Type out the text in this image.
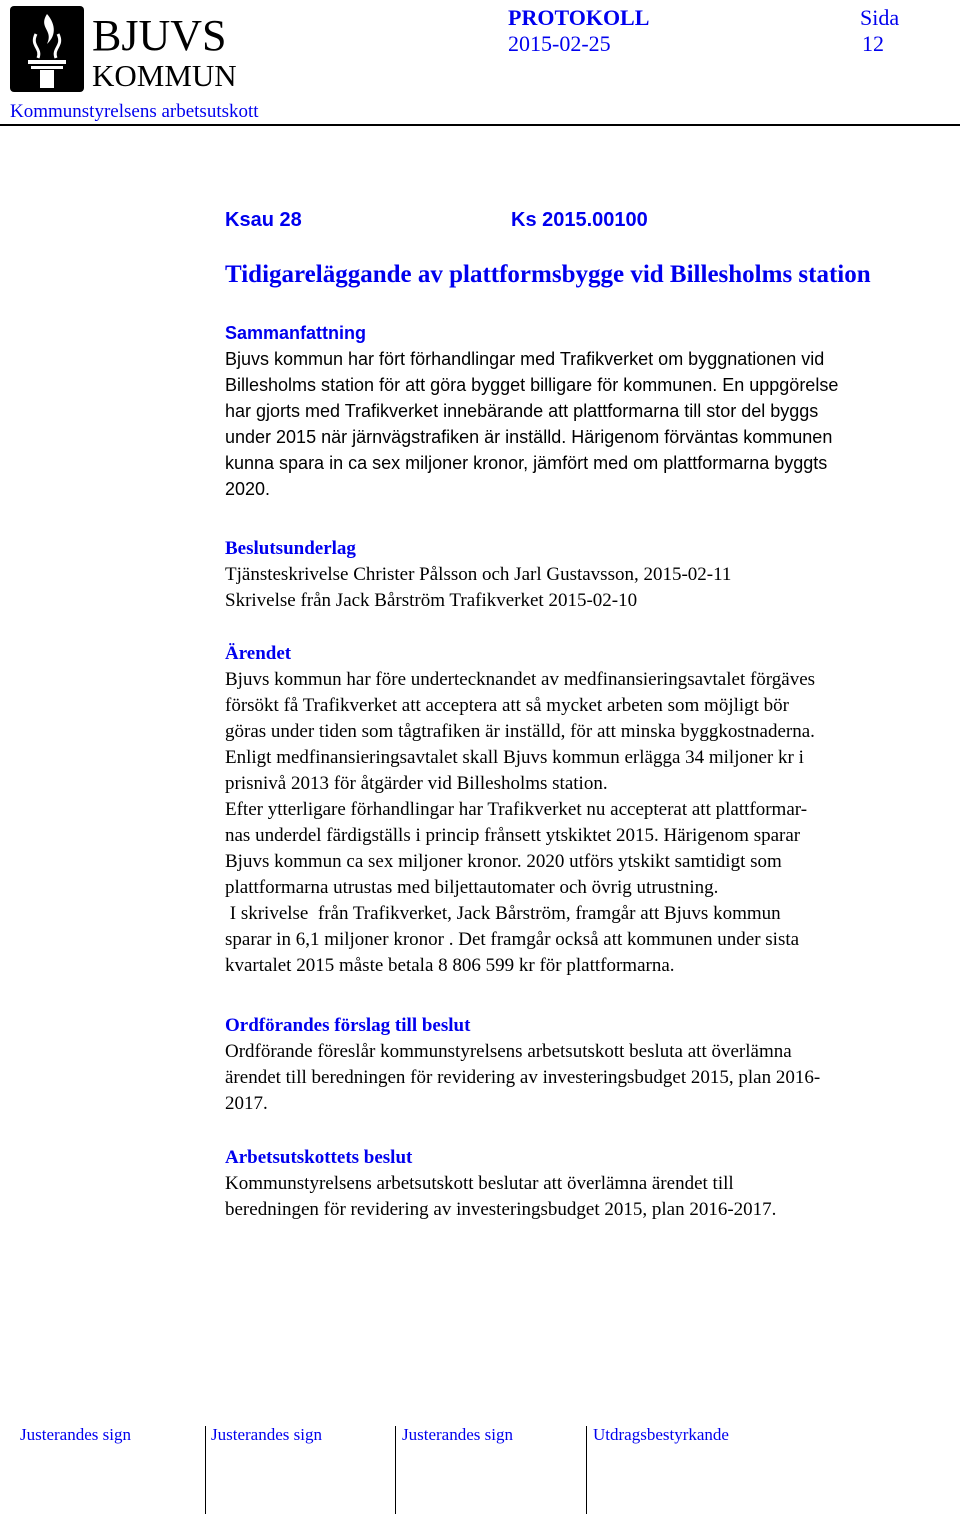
BJUVS
KOMMUN
PROTOKOLL
2015-02-25
Sida
12
Kommunstyrelsens arbetsutskott
Ksau 28	Ks 2015.00100
Tidigareläggande av plattformsbygge vid Billesholms station

Sammanfattning

Bjuvs kommun har fört förhandlingar med Trafikverket om byggnationen vid

Billesholms station för att göra bygget billigare för kommunen. En uppgörelse

har gjorts med Trafikverket innebärande att plattformarna till stor del byggs

under 2015 när järnvägstrafiken är inställd. Härigenom förväntas kommunen

kunna spara in ca sex miljoner kronor, jämfört med om plattformarna byggts

2020.

Beslutsunderlag

Tjänsteskrivelse Christer Pålsson och Jarl Gustavsson, 2015-02-11

Skrivelse från Jack Bårström Trafikverket 2015-02-10

Ärendet

Bjuvs kommun har före undertecknandet av medfinansieringsavtalet förgäves

försökt få Trafikverket att acceptera att så mycket arbeten som möjligt bör

göras under tiden som tågtrafiken är inställd, för att minska byggkostnaderna.

Enligt medfinansieringsavtalet skall Bjuvs kommun erlägga 34 miljoner kr i

prisnivå 2013 för åtgärder vid Billesholms station.

Efter ytterligare förhandlingar har Trafikverket nu accepterat att plattformar-

nas underdel färdigställs i princip frånsett ytskiktet 2015. Härigenom sparar

Bjuvs kommun ca sex miljoner kronor. 2020 utförs ytskikt samtidigt som

plattformarna utrustas med biljettautomater och övrig utrustning.

I skrivelse  från Trafikverket, Jack Bårström, framgår att Bjuvs kommun

sparar in 6,1 miljoner kronor . Det framgår också att kommunen under sista

kvartalet 2015 måste betala 8 806 599 kr för plattformarna.

Ordförandes förslag till beslut

Ordförande föreslår kommunstyrelsens arbetsutskott besluta att överlämna

ärendet till beredningen för revidering av investeringsbudget 2015, plan 2016-

2017.

Arbetsutskottets beslut

Kommunstyrelsens arbetsutskott beslutar att överlämna ärendet till

beredningen för revidering av investeringsbudget 2015, plan 2016-2017.

Justerandes sign	Justerandes sign	Justerandes sign	Utdragsbestyrkande
